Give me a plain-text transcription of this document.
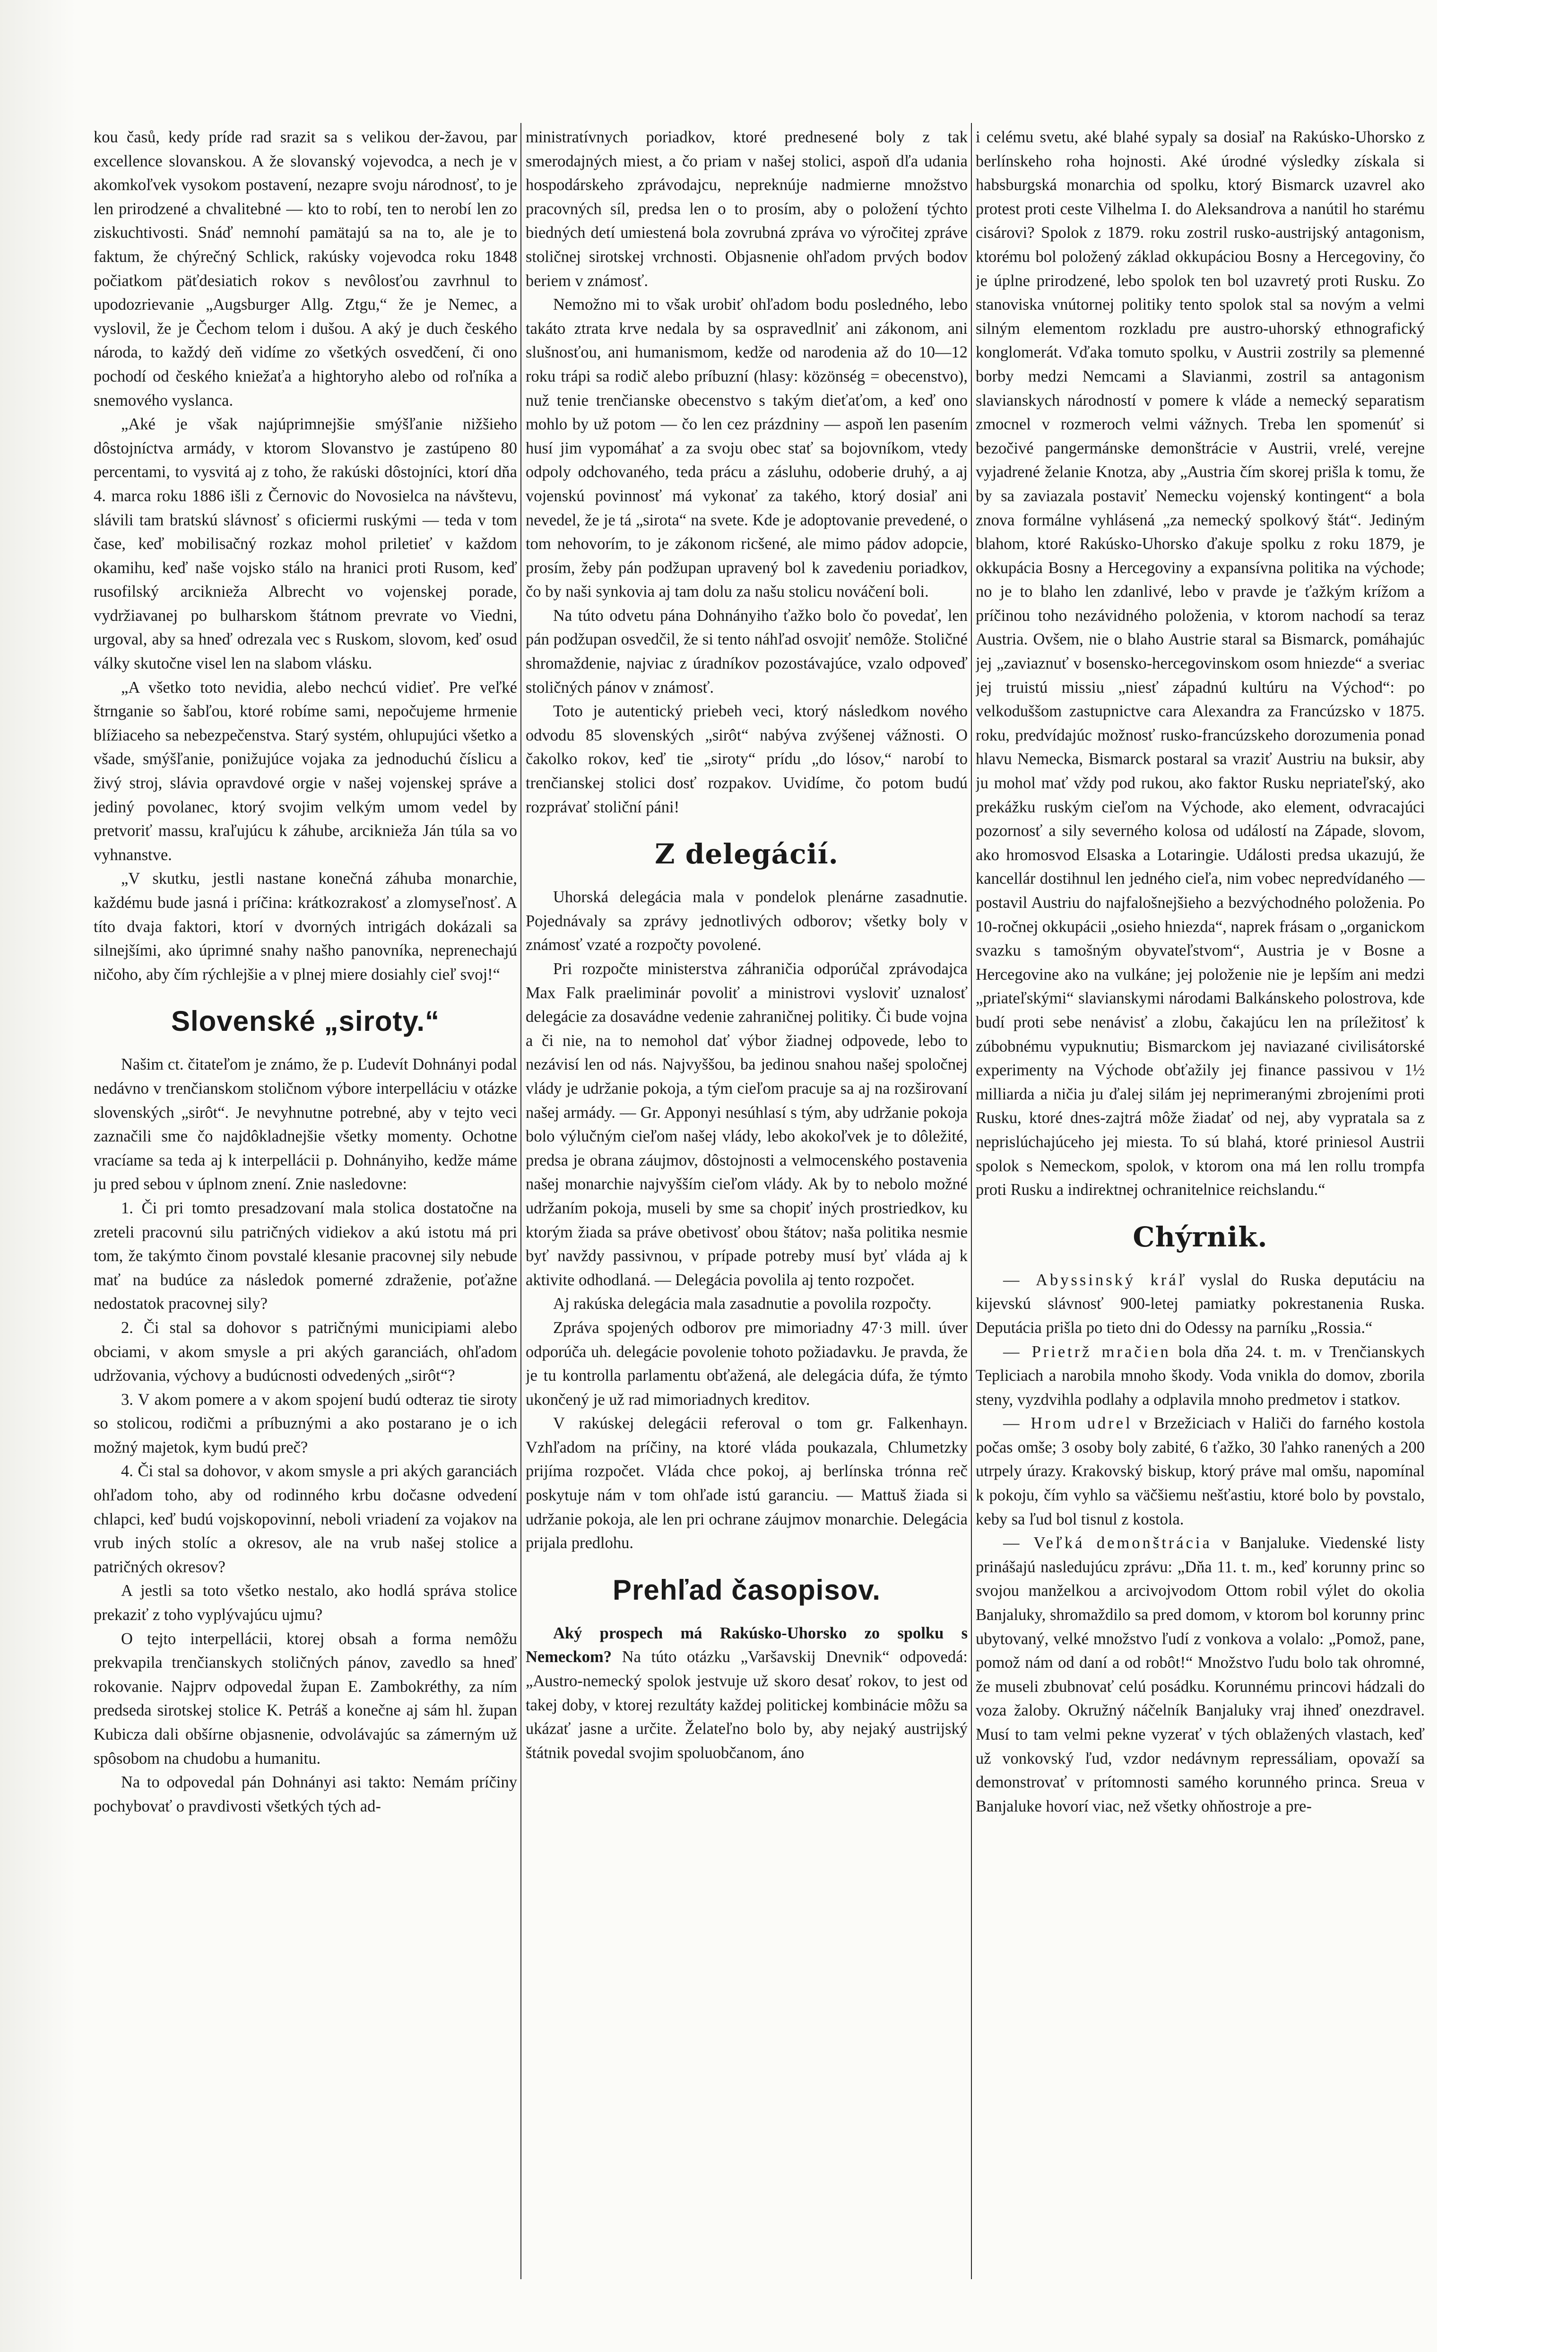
kou časů, kedy príde rad srazit sa s velikou der-žavou, par excellence slovanskou. A že slovanský vojevodca, a nech je v akomkoľvek vysokom postavení, nezapre svoju národnosť, to je len prirodzené a chvalitebné — kto to robí, ten to nerobí len zo ziskuchtivosti. Snáď nemnohí pamätajú sa na to, ale je to faktum, že chýrečný Schlick, rakúsky vojevodca roku 1848 počiatkom päťdesiatich rokov s nevôlosťou zavrhnul to upodozrievanie „Augsburger Allg. Ztgu,“ že je Nemec, a vyslovil, že je Čechom telom i dušou. A aký je duch českého národa, to každý deň vidíme zo všetkých osvedčení, či ono pochodí od českého kniežaťa a hightoryho alebo od roľníka a snemového vyslanca.

„Aké je však najúprimnejšie smýšľanie nižšieho dôstojníctva armády, v ktorom Slovanstvo je zastúpeno 80 percentami, to vysvitá aj z toho, že rakúski dôstojníci, ktorí dňa 4. marca roku 1886 išli z Černovic do Novosielca na návštevu, slávili tam bratskú slávnosť s oficiermi ruskými — teda v tom čase, keď mobilisačný rozkaz mohol priletieť v každom okamihu, keď naše vojsko stálo na hranici proti Rusom, keď rusofilský arciknieža Albrecht vo vojenskej porade, vydržiavanej po bulharskom štátnom prevrate vo Viedni, urgoval, aby sa hneď odrezala vec s Ruskom, slovom, keď osud války skutočne visel len na slabom vlásku.

„A všetko toto nevidia, alebo nechcú vidieť. Pre veľké štrnganie so šabľou, ktoré robíme sami, nepočujeme hrmenie blížiaceho sa nebezpečenstva. Starý systém, ohlupujúci všetko a všade, smýšľanie, ponižujúce vojaka za jednoduchú číslicu a živý stroj, slávia opravdové orgie v našej vojenskej správe a jediný povolanec, ktorý svojim velkým umom vedel by pretvoriť massu, kraľujúcu k záhube, arciknieža Ján túla sa vo vyhnanstve.

„V skutku, jestli nastane konečná záhuba monarchie, každému bude jasná i príčina: krátkozrakosť a zlomyseľnosť. A títo dvaja faktori, ktorí v dvorných intrigách dokázali sa silnejšími, ako úprimné snahy našho panovníka, neprenechajú ničoho, aby čím rýchlejšie a v plnej miere dosiahly cieľ svoj!“

Slovenské „siroty.“

Našim ct. čitateľom je známo, že p. Ľudevít Dohnányi podal nedávno v trenčianskom stoličnom výbore interpelláciu v otázke slovenských „sirôt“. Je nevyhnutne potrebné, aby v tejto veci zaznačili sme čo najdôkladnejšie všetky momenty. Ochotne vracíame sa teda aj k interpellácii p. Dohnányiho, kedže máme ju pred sebou v úplnom znení. Znie nasledovne:

1. Či pri tomto presadzovaní mala stolica dostatočne na zreteli pracovnú silu patričných vidiekov a akú istotu má pri tom, že takýmto činom povstalé klesanie pracovnej sily nebude mať na budúce za následok pomerné zdraženie, poťažne nedostatok pracovnej sily?

2. Či stal sa dohovor s patričnými municipiami alebo obciami, v akom smysle a pri akých garanciách, ohľadom udržovania, výchovy a budúcnosti odvedených „sirôt“?

3. V akom pomere a v akom spojení budú odteraz tie siroty so stolicou, rodičmi a príbuznými a ako postarano je o ich možný majetok, kym budú preč?

4. Či stal sa dohovor, v akom smysle a pri akých garanciách ohľadom toho, aby od rodinného krbu dočasne odvedení chlapci, keď budú vojskopovinní, neboli vriadení za vojakov na vrub iných stolíc a okresov, ale na vrub našej stolice a patričných okresov?

A jestli sa toto všetko nestalo, ako hodlá správa stolice prekaziť z toho vyplývajúcu ujmu?

O tejto interpellácii, ktorej obsah a forma nemôžu prekvapila trenčianskych stoličných pánov, zavedlo sa hneď rokovanie. Najprv odpovedal župan E. Zambokréthy, za ním predseda sirotskej stolice K. Petráš a konečne aj sám hl. župan Kubicza dali obšírne objasnenie, odvolávajúc sa zámerným už spôsobom na chudobu a humanitu.

Na to odpovedal pán Dohnányi asi takto: Nemám príčiny pochybovať o pravdivosti všetkých tých ad-

ministratívnych poriadkov, ktoré prednesené boly z tak smerodajných miest, a čo priam v našej stolici, aspoň dľa udania hospodárskeho zprávodajcu, nepreknúje nadmierne množstvo pracovných síl, predsa len o to prosím, aby o položení týchto biedných detí umiestená bola zovrubná zpráva vo výročitej zpráve stoličnej sirotskej vrchnosti. Objasnenie ohľadom prvých bodov beriem v známosť.

Nemožno mi to však urobiť ohľadom bodu posledného, lebo takáto ztrata krve nedala by sa ospravedlniť ani zákonom, ani slušnosťou, ani humanismom, kedže od narodenia až do 10—12 roku trápi sa rodič alebo príbuzní (hlasy: közönség = obecenstvo), nuž tenie trenčianske obecenstvo s takým dieťaťom, a keď ono mohlo by už potom — čo len cez prázdniny — aspoň len pasením husí jim vypomáhať a za svoju obec stať sa bojovníkom, vtedy odpoly odchovaného, teda prácu a zásluhu, odoberie druhý, a aj vojenskú povinnosť má vykonať za takého, ktorý dosiaľ ani nevedel, že je tá „sirota“ na svete. Kde je adoptovanie prevedené, o tom nehovorím, to je zákonom ricšené, ale mimo pádov adopcie, prosím, žeby pán podžupan upravený bol k zavedeniu poriadkov, čo by naši synkovia aj tam dolu za našu stolicu nováčení boli.

Na túto odvetu pána Dohnányiho ťažko bolo čo povedať, len pán podžupan osvedčil, že si tento náhľad osvojiť nemôže. Stoličné shromaždenie, najviac z úradníkov pozostávajúce, vzalo odpoveď stoličných pánov v známosť.

Toto je autentický priebeh veci, ktorý následkom nového odvodu 85 slovenských „sirôt“ nabýva zvýšenej vážnosti. O čakolko rokov, keď tie „siroty“ prídu „do lósov,“ narobí to trenčianskej stolici dosť rozpakov. Uvidíme, čo potom budú rozprávať stoliční páni!

Z delegácií.

Uhorská delegácia mala v pondelok plenárne zasadnutie. Pojednávaly sa zprávy jednotlivých odborov; všetky boly v známosť vzaté a rozpočty povolené.

Pri rozpočte ministerstva záhraničia odporúčal zprávodajca Max Falk praeliminár povoliť a ministrovi vysloviť uznalosť delegácie za dosavádne vedenie zahraničnej politiky. Či bude vojna a či nie, na to nemohol dať výbor žiadnej odpovede, lebo to nezávisí len od nás. Najvyššou, ba jedinou snahou našej spoločnej vlády je udržanie pokoja, a tým cieľom pracuje sa aj na rozširovaní našej armády. — Gr. Apponyi nesúhlasí s tým, aby udržanie pokoja bolo výlučným cieľom našej vlády, lebo akokoľvek je to dôležité, predsa je obrana záujmov, dôstojnosti a velmocenského postavenia našej monarchie najvyšším cieľom vlády. Ak by to nebolo možné udržaním pokoja, museli by sme sa chopiť iných prostriedkov, ku ktorým žiada sa práve obetivosť obou štátov; naša politika nesmie byť navždy passivnou, v prípade potreby musí byť vláda aj k aktivite odhodlaná. — Delegácia povolila aj tento rozpočet.

Aj rakúska delegácia mala zasadnutie a povolila rozpočty.

Zpráva spojených odborov pre mimoriadny 47·3 mill. úver odporúča uh. delegácie povolenie tohoto požiadavku. Je pravda, že je tu kontrolla parlamentu obťažená, ale delegácia dúfa, že týmto ukončený je už rad mimoriadnych kreditov.

V rakúskej delegácii referoval o tom gr. Falkenhayn. Vzhľadom na príčiny, na ktoré vláda poukazala, Chlumetzky prijíma rozpočet. Vláda chce pokoj, aj berlínska trónna reč poskytuje nám v tom ohľade istú garanciu. — Mattuš žiada si udržanie pokoja, ale len pri ochrane záujmov monarchie. Delegácia prijala predlohu.

Prehľad časopisov.

Aký prospech má Rakúsko-Uhorsko zo spolku s Nemeckom? Na túto otázku „Varšavskij Dnevnik“ odpovedá: „Austro-nemecký spolok jestvuje už skoro desať rokov, to jest od takej doby, v ktorej rezultáty každej politickej kombinácie môžu sa ukázať jasne a určite. Želateľno bolo by, aby nejaký austrijský štátnik povedal svojim spoluobčanom, áno

i celému svetu, aké blahé sypaly sa dosiaľ na Rakúsko-Uhorsko z berlínskeho roha hojnosti. Aké úrodné výsledky získala si habsburgská monarchia od spolku, ktorý Bismarck uzavrel ako protest proti ceste Vilhelma I. do Aleksandrova a nanútil ho starému cisárovi? Spolok z 1879. roku zostril rusko-austrijský antagonism, ktorému bol položený základ okkupáciou Bosny a Hercegoviny, čo je úplne prirodzené, lebo spolok ten bol uzavretý proti Rusku. Zo stanoviska vnútornej politiky tento spolok stal sa novým a velmi silným elementom rozkladu pre austro-uhorský ethnografický konglomerát. Vďaka tomuto spolku, v Austrii zostrily sa plemenné borby medzi Nemcami a Slavianmi, zostril sa antagonism slavianskych národností v pomere k vláde a nemecký separatism zmocnel v rozmeroch velmi vážnych. Treba len spomenúť si bezočivé pangermánske demonštrácie v Austrii, vrelé, verejne vyjadrené želanie Knotza, aby „Austria čím skorej prišla k tomu, že by sa zaviazala postaviť Nemecku vojenský kontingent“ a bola znova formálne vyhlásená „za nemecký spolkový štát“. Jediným blahom, ktoré Rakúsko-Uhorsko ďakuje spolku z roku 1879, je okkupácia Bosny a Hercegoviny a expansívna politika na východe; no je to blaho len zdanlivé, lebo v pravde je ťažkým krížom a príčinou toho nezávidného položenia, v ktorom nachodí sa teraz Austria. Ovšem, nie o blaho Austrie staral sa Bismarck, pomáhajúc jej „zaviaznuť v bosensko-hercegovinskom osom hniezde“ a sveriac jej truistú missiu „niesť západnú kultúru na Východ“: po velkoduššom zastupnictve cara Alexandra za Francúzsko v 1875. roku, predvídajúc možnosť rusko-francúzskeho dorozumenia ponad hlavu Nemecka, Bismarck postaral sa vraziť Austriu na buksir, aby ju mohol mať vždy pod rukou, ako faktor Rusku nepriateľský, ako prekážku ruským cieľom na Východe, ako element, odvracajúci pozornosť a sily severného kolosa od událostí na Západe, slovom, ako hromosvod Elsaska a Lotaringie. Události predsa ukazujú, že kancellár dostihnul len jedného cieľa, nim vobec nepredvídaného — postavil Austriu do najfalošnejšieho a bezvýchodného položenia. Po 10-ročnej okkupácii „osieho hniezda“, naprek frásam o „organickom svazku s tamošným obyvateľstvom“, Austria je v Bosne a Hercegovine ako na vulkáne; jej položenie nie je lepším ani medzi „priateľskými“ slavianskymi národami Balkánskeho polostrova, kde budí proti sebe nenávisť a zlobu, čakajúcu len na príležitosť k zúbobnému vypuknutiu; Bismarckom jej naviazané civilisátorské experimenty na Východe obťažily jej finance passivou v 1½ milliarda a ničia ju ďalej silám jej neprimeranými zbrojeními proti Rusku, ktoré dnes-zajtrá môže žiadať od nej, aby vypratala sa z neprislúchajúceho jej miesta. To sú blahá, ktoré priniesol Austrii spolok s Nemeckom, spolok, v ktorom ona má len rollu trompfa proti Rusku a indirektnej ochranitelnice reichslandu.“

Chýrnik.

— Abyssinský kráľ vyslal do Ruska deputáciu na kijevskú slávnosť 900-letej pamiatky pokrestanenia Ruska. Deputácia prišla po tieto dni do Odessy na parníku „Rossia.“

— Prietrž mračien bola dňa 24. t. m. v Trenčianskych Tepliciach a narobila mnoho škody. Voda vnikla do domov, zborila steny, vyzdvihla podlahy a odplavila mnoho predmetov i statkov.

— Hrom udrel v Brzežiciach v Haliči do farného kostola počas omše; 3 osoby boly zabité, 6 ťažko, 30 ľahko ranených a 200 utrpely úrazy. Krakovský biskup, ktorý práve mal omšu, napomínal k pokoju, čím vyhlo sa väčšiemu nešťastiu, ktoré bolo by povstalo, keby sa ľud bol tisnul z kostola.

— Veľká demonštrácia v Banjaluke. Viedenské listy prinášajú nasledujúcu zprávu: „Dňa 11. t. m., keď korunny princ so svojou manželkou a arcivojvodom Ottom robil výlet do okolia Banjaluky, shromaždilo sa pred domom, v ktorom bol korunny princ ubytovaný, velké množstvo ľudí z vonkova a volalo: „Pomož, pane, pomož nám od daní a od robôt!“ Množstvo ľudu bolo tak ohromné, že museli zbubnovať celú posádku. Korunnému princovi hádzali do voza žaloby. Okružný náčelník Banjaluky vraj ihneď onezdravel. Musí to tam velmi pekne vyzerať v tých oblažených vlastach, keď už vonkovský ľud, vzdor nedávnym repressáliam, opovaží sa demonstrovať v prítomnosti samého korunného princa. Sreua v Banjaluke hovorí viac, než všetky ohňostroje a pre-
